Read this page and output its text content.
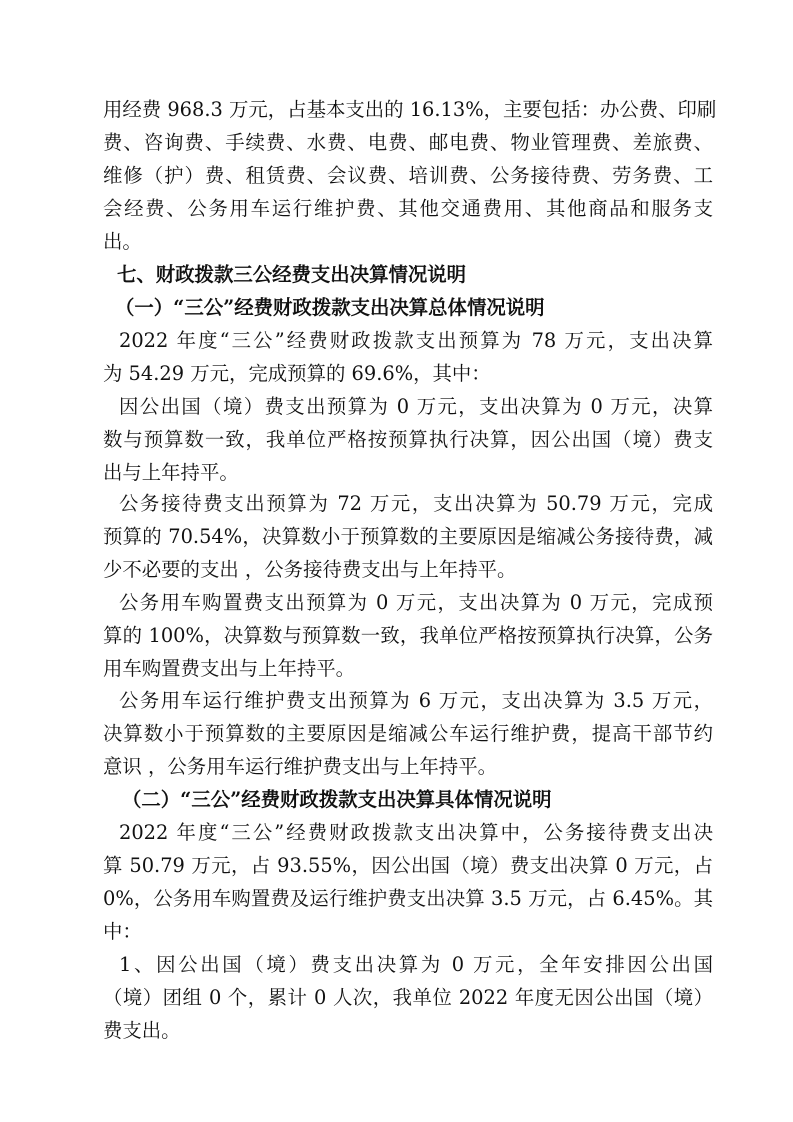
用经费 968.3 万元，占基本支出的 16.13%，主要包括：办公费、印刷
费、咨询费、手续费、水费、电费、邮电费、物业管理费、差旅费、
维修（护）费、租赁费、会议费、培训费、公务接待费、劳务费、工
会经费、公务用车运行维护费、其他交通费用、其他商品和服务支
出。
七、财政拨款三公经费支出决算情况说明
（一）“三公”经费财政拨款支出决算总体情况说明
2022 年度“三公”经费财政拨款支出预算为 78 万元，支出决算
为 54.29 万元，完成预算的 69.6%，其中：
因公出国（境）费支出预算为 0 万元，支出决算为 0 万元，决算
数与预算数一致，我单位严格按预算执行决算，因公出国（境）费支
出与上年持平。
公务接待费支出预算为 72 万元，支出决算为 50.79 万元，完成
预算的 70.54%，决算数小于预算数的主要原因是缩减公务接待费，减
少不必要的支出 ，公务接待费支出与上年持平。
公务用车购置费支出预算为 0 万元，支出决算为 0 万元，完成预
算的 100%，决算数与预算数一致，我单位严格按预算执行决算，公务
用车购置费支出与上年持平。
公务用车运行维护费支出预算为 6 万元，支出决算为 3.5 万元，
决算数小于预算数的主要原因是缩减公车运行维护费，提高干部节约
意识 ，公务用车运行维护费支出与上年持平。
（二）“三公”经费财政拨款支出决算具体情况说明
2022 年度“三公”经费财政拨款支出决算中，公务接待费支出决
算 50.79 万元，占 93.55%，因公出国（境）费支出决算 0 万元，占
0%，公务用车购置费及运行维护费支出决算 3.5 万元，占 6.45%。其
中：
1、因公出国（境）费支出决算为 0 万元，全年安排因公出国
（境）团组 0 个，累计 0 人次，我单位 2022 年度无因公出国（境）
费支出。
